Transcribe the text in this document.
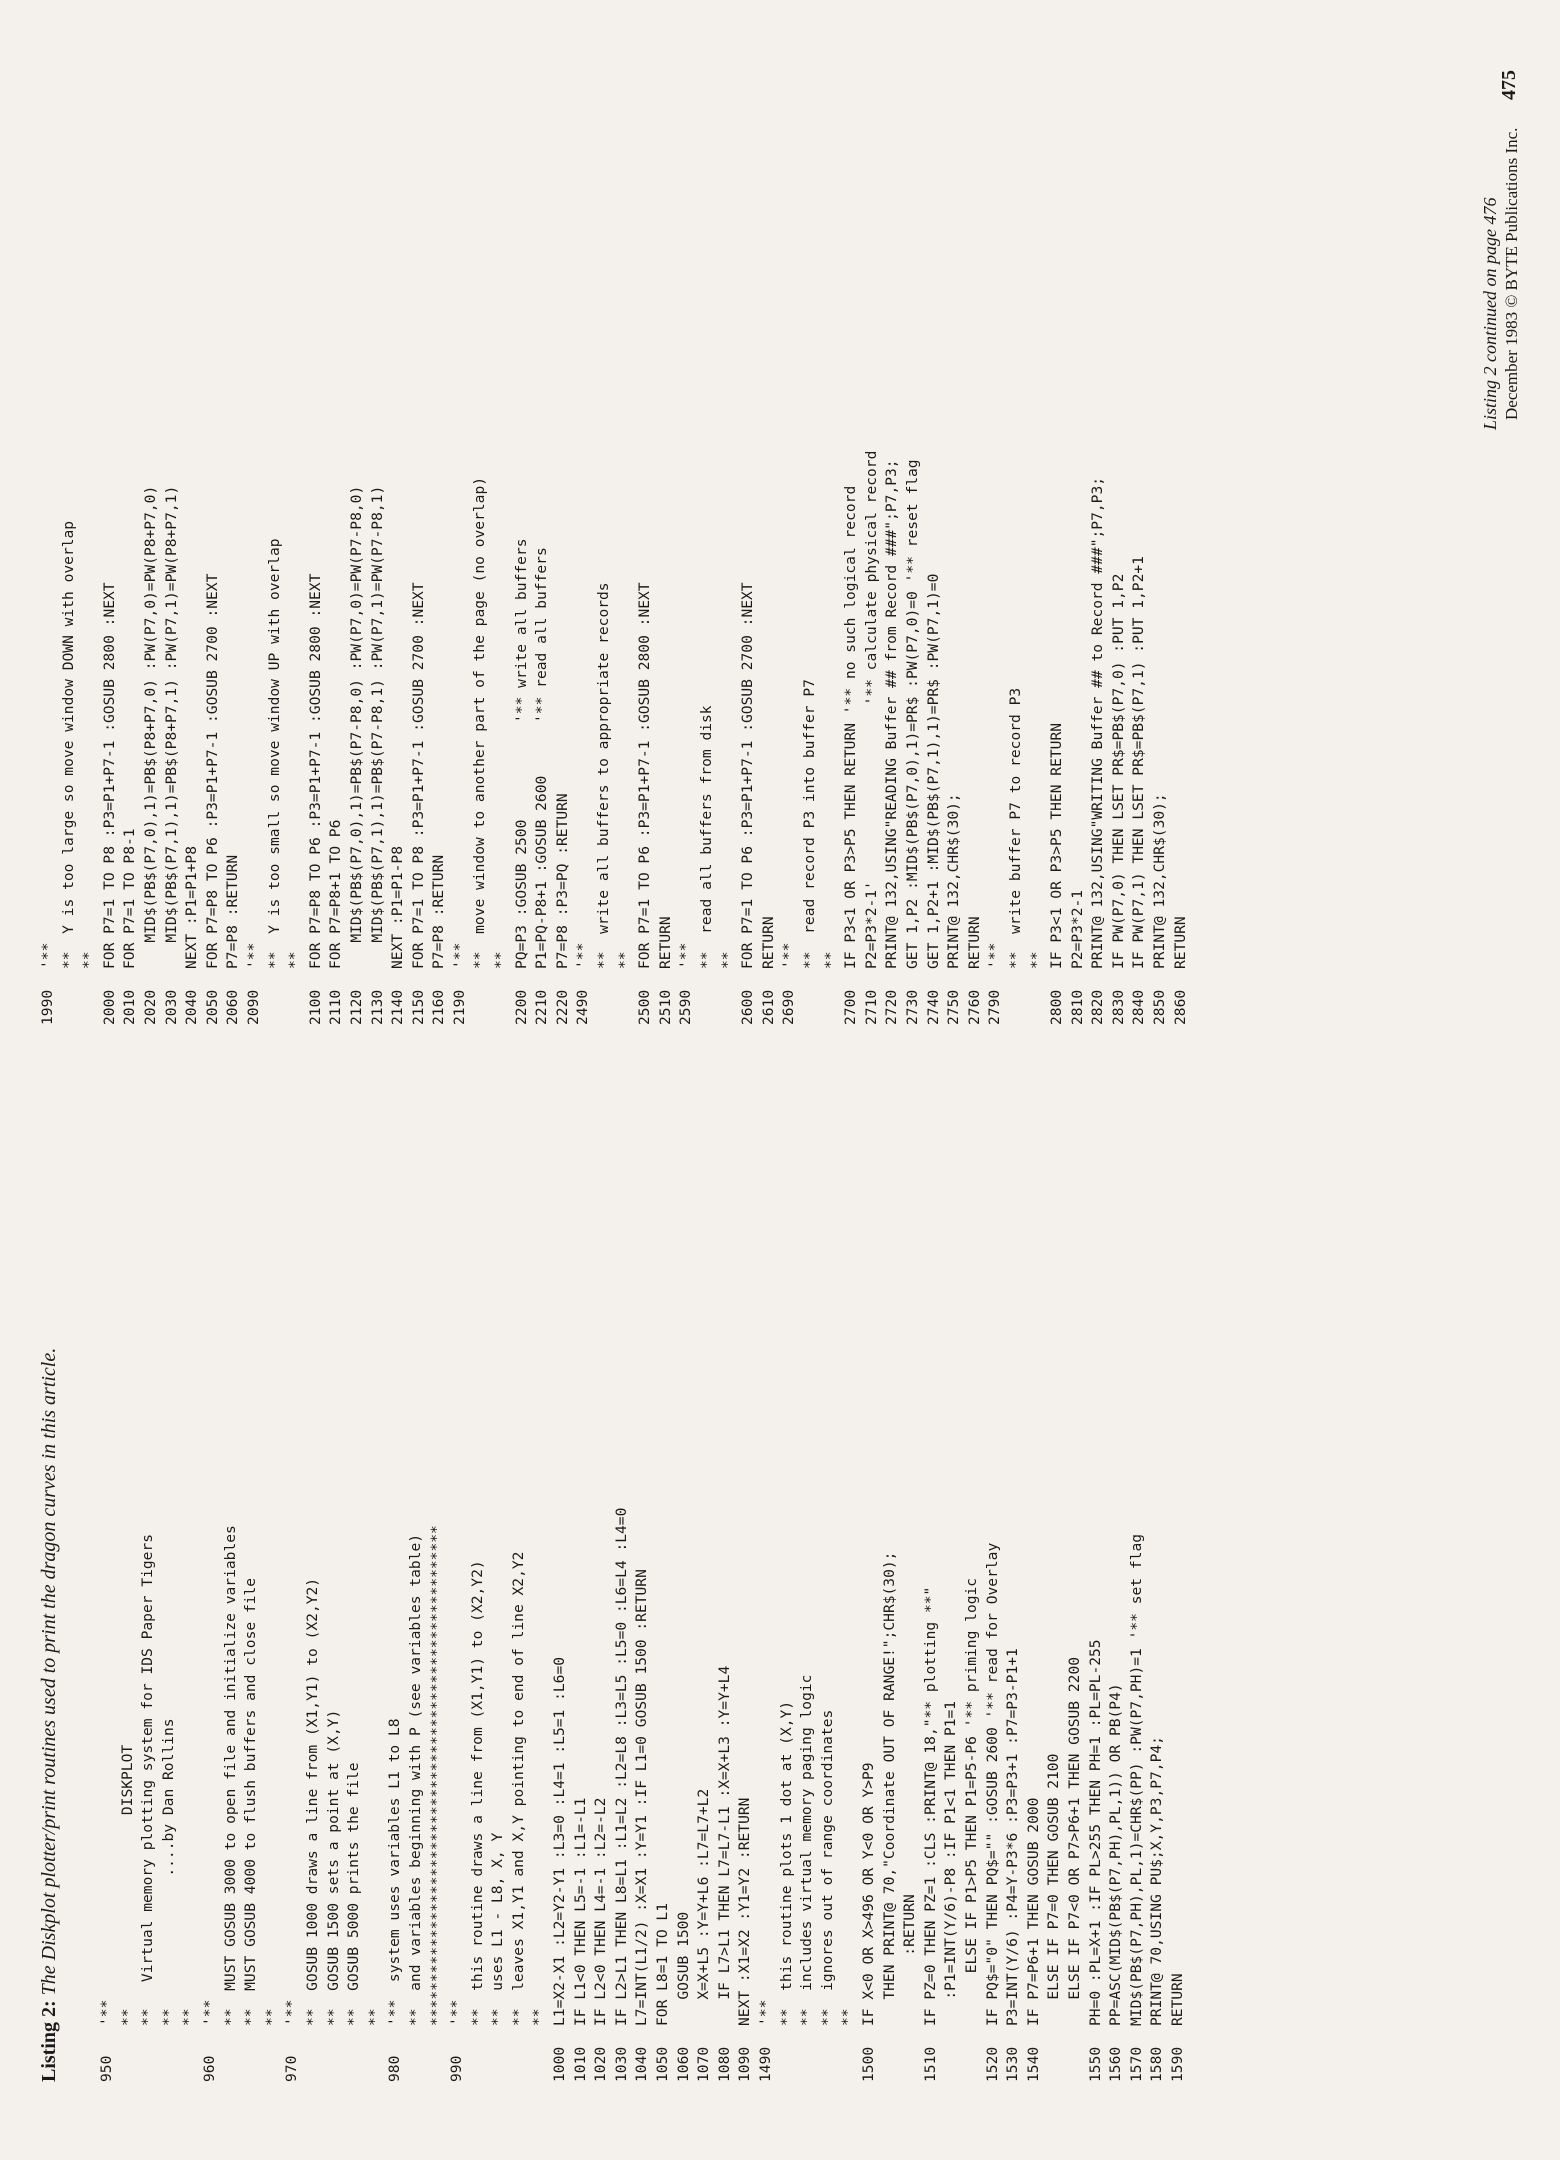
Listing 2: The Diskplot plotter/print routines used to print the dragon curves in this article.
950
'** **                      DISKPLOT **   Virtual memory plotting system for IDS Paper Tigers **               ....by Dan Rollins **
960
'** **  MUST GOSUB 3000 to open file and initialize variables **  MUST GOSUB 4000 to flush buffers and close file **
970
'** **  GOSUB 1000 draws a line from (X1,Y1) to (X2,Y2) **  GOSUB 1500 sets a point at (X,Y) **  GOSUB 5000 prints the file **
980
'**  system uses variables L1 to L8 **  and variables beginning with P (see variables table) *********************************************************
990
'** **  this routine draws a line from (X1,Y1) to (X2,Y2) **  uses L1 - L8, X, Y **  leaves X1,Y1 and X,Y pointing to end of line X2,Y2 **
1000
L1=X2-X1 :L2=Y2-Y1 :L3=0 :L4=1 :L5=1 :L6=0
1010
IF L1<0 THEN L5=-1 :L1=-L1
1020
IF L2<0 THEN L4=-1 :L2=-L2
1030
IF L2>L1 THEN L8=L1 :L1=L2 :L2=L8 :L3=L5 :L5=0 :L6=L4 :L4=0
1040
L7=INT(L1/2) :X=X1 :Y=Y1 :IF L1=0 GOSUB 1500 :RETURN
1050
FOR L8=1 TO L1
1060
GOSUB 1500
1070
X=X+L5 :Y=Y+L6 :L7=L7+L2
1080
IF L7>L1 THEN L7=L7-L1 :X=X+L3 :Y=Y+L4
1090
NEXT :X1=X2 :Y1=Y2 :RETURN
1490
'** **  this routine plots 1 dot at (X,Y) **  includes virtual memory paging logic **  ignores out of range coordinates **
1500
IF X<0 OR X>496 OR Y<0 OR Y>P9 THEN PRINT@ 70,"Coordinate OUT OF RANGE!";CHR$(30); :RETURN
1510
IF PZ=0 THEN PZ=1 :CLS :PRINT@ 18,"** plotting **" :P1=INT(Y/6)-P8 :IF P1<1 THEN P1=1 ELSE IF P1>P5 THEN P1=P5-P6 '** priming logic
1520
IF PQ$="0" THEN PQ$="" :GOSUB 2600 '** read for Overlay
1530
P3=INT(Y/6) :P4=Y-P3*6 :P3=P3+1 :P7=P3-P1+1
1540
IF P7=P6+1 THEN GOSUB 2000 ELSE IF P7=0 THEN GOSUB 2100 ELSE IF P7<0 OR P7>P6+1 THEN GOSUB 2200
1550
PH=0 :PL=X+1 :IF PL>255 THEN PH=1 :PL=PL-255
1560
PP=ASC(MID$(PB$(P7,PH),PL,1)) OR PB(P4)
1570
MID$(PB$(P7,PH),PL,1)=CHR$(PP) :PW(P7,PH)=1 '** set flag
1580
PRINT@ 70,USING PU$;X,Y,P3,P7,P4;
1590
RETURN
1990
'** **  Y is too large so move window DOWN with overlap **
2000
FOR P7=1 TO P8 :P3=P1+P7-1 :GOSUB 2800 :NEXT
2010
FOR P7=1 TO P8-1
2020
MID$(PB$(P7,0),1)=PB$(P8+P7,0) :PW(P7,0)=PW(P8+P7,0)
2030
MID$(PB$(P7,1),1)=PB$(P8+P7,1) :PW(P7,1)=PW(P8+P7,1)
2040
NEXT :P1=P1+P8
2050
FOR P7=P8 TO P6 :P3=P1+P7-1 :GOSUB 2700 :NEXT
2060
P7=P8 :RETURN
2090
'** **  Y is too small so move window UP with overlap **
2100
FOR P7=P8 TO P6 :P3=P1+P7-1 :GOSUB 2800 :NEXT
2110
FOR P7=P8+1 TO P6
2120
MID$(PB$(P7,0),1)=PB$(P7-P8,0) :PW(P7,0)=PW(P7-P8,0)
2130
MID$(PB$(P7,1),1)=PB$(P7-P8,1) :PW(P7,1)=PW(P7-P8,1)
2140
NEXT :P1=P1-P8
2150
FOR P7=1 TO P8 :P3=P1+P7-1 :GOSUB 2700 :NEXT
2160
P7=P8 :RETURN
2190
'** **  move window to another part of the page (no overlap) **
2200
PQ=P3 :GOSUB 2500           '** write all buffers
2210
P1=PQ-P8+1 :GOSUB 2600      '** read all buffers
2220
P7=P8 :P3=PQ :RETURN
2490
'** **  write all buffers to appropriate records **
2500
FOR P7=1 TO P6 :P3=P1+P7-1 :GOSUB 2800 :NEXT
2510
RETURN
2590
'** **  read all buffers from disk **
2600
FOR P7=1 TO P6 :P3=P1+P7-1 :GOSUB 2700 :NEXT
2610
RETURN
2690
'** **  read record P3 into buffer P7 **
2700
IF P3<1 OR P3>P5 THEN RETURN '** no such logical record
2710
P2=P3*2-1'                    '** calculate physical record
2720
PRINT@ 132,USING"READING Buffer ## from Record ###";P7,P3;
2730
GET 1,P2 :MID$(PB$(P7,0),1)=PR$ :PW(P7,0)=0 '** reset flag
2740
GET 1,P2+1 :MID$(PB$(P7,1),1)=PR$ :PW(P7,1)=0
2750
PRINT@ 132,CHR$(30);
2760
RETURN
2790
'** **  write buffer P7 to record P3 **
2800
IF P3<1 OR P3>P5 THEN RETURN
2810
P2=P3*2-1
2820
PRINT@ 132,USING"WRITING Buffer ## to Record ###";P7,P3;
2830
IF PW(P7,0) THEN LSET PR$=PB$(P7,0) :PUT 1,P2
2840
IF PW(P7,1) THEN LSET PR$=PB$(P7,1) :PUT 1,P2+1
2850
PRINT@ 132,CHR$(30);
2860
RETURN
Listing 2 continued on page 476 December 1983 © BYTE Publications Inc.
475
